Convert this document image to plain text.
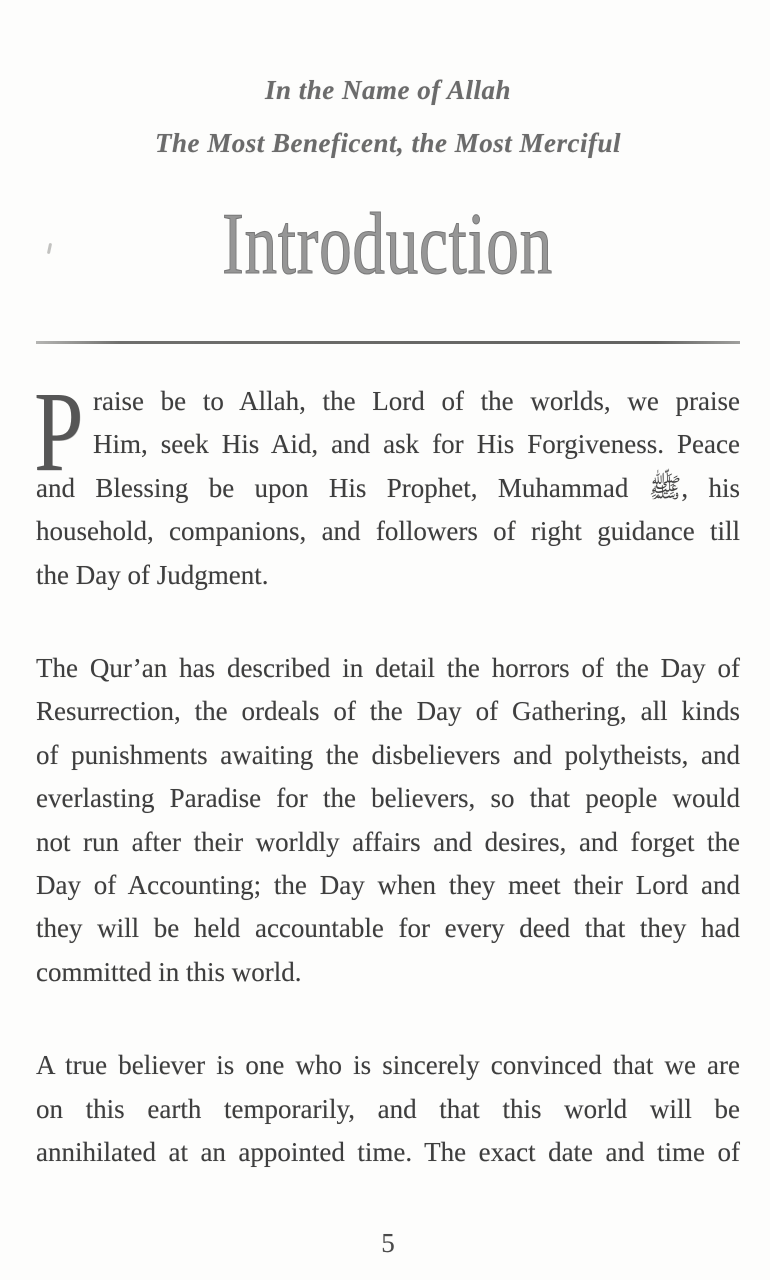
In the Name of Allah
The Most Beneficent, the Most Merciful
Introduction
P raise be to Allah, the Lord of the worlds, we praise
Him, seek His Aid, and ask for His Forgiveness. Peace
and Blessing be upon His Prophet, Muhammad ﷺ, his
household, companions, and followers of right guidance till
the Day of Judgment.
The Qur’an has described in detail the horrors of the Day of
Resurrection, the ordeals of the Day of Gathering, all kinds
of punishments awaiting the disbelievers and polytheists, and
everlasting Paradise for the believers, so that people would
not run after their worldly affairs and desires, and forget the
Day of Accounting; the Day when they meet their Lord and
they will be held accountable for every deed that they had
committed in this world.
A true believer is one who is sincerely convinced that we are
on this earth temporarily, and that this world will be
annihilated at an appointed time. The exact date and time of
5
